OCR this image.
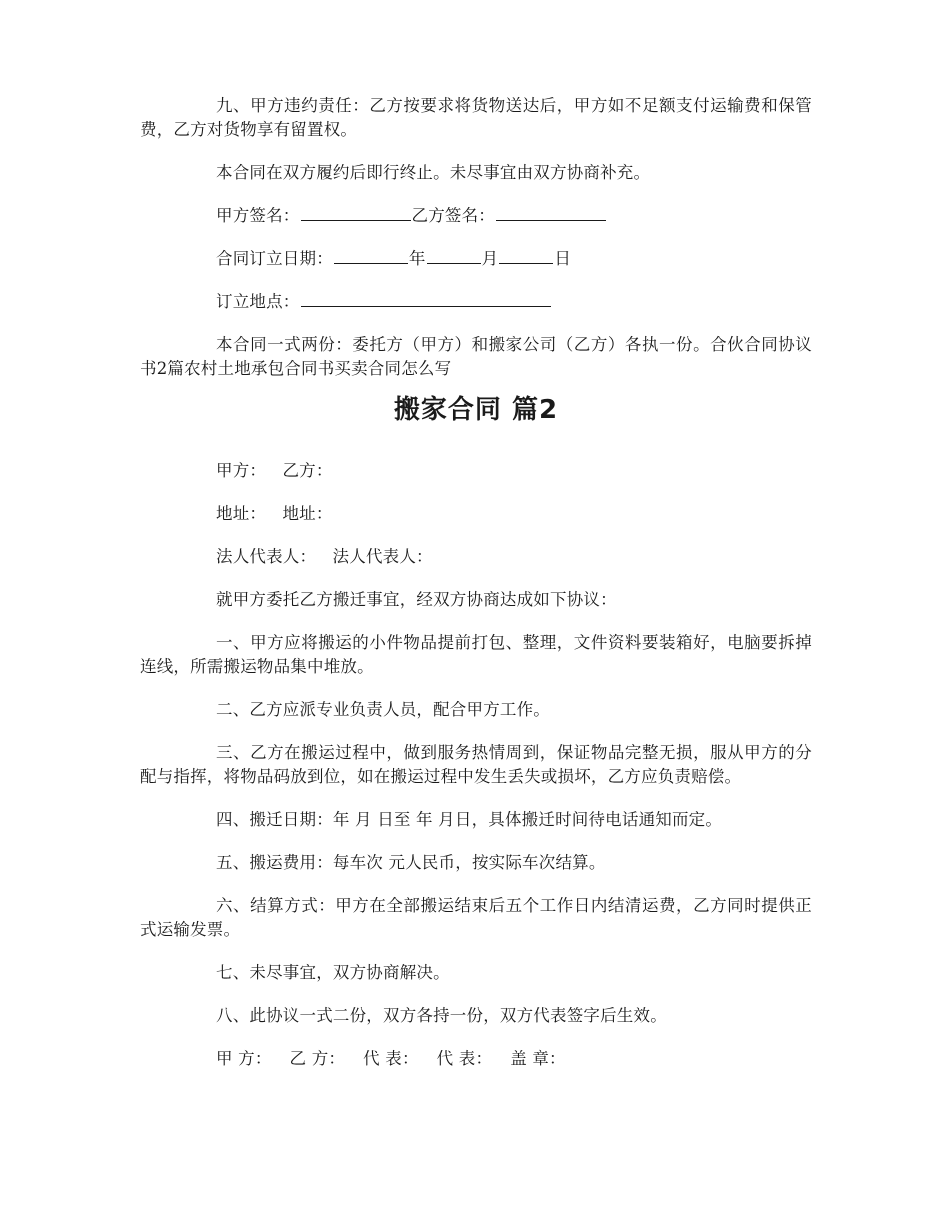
九、甲方违约责任：乙方按要求将货物送达后，甲方如不足额支付运输费和保管费，乙方对货物享有留置权。

本合同在双方履约后即行终止。未尽事宜由双方协商补充。

甲方签名：	乙方签名：

合同订立日期：	年	月	日

订立地点：

本合同一式两份：委托方（甲方）和搬家公司（乙方）各执一份。合伙合同协议书2篇农村土地承包合同书买卖合同怎么写

搬家合同 篇2

甲方： 乙方：

地址： 地址：

法人代表人： 法人代表人：

就甲方委托乙方搬迁事宜，经双方协商达成如下协议：

一、甲方应将搬运的小件物品提前打包、整理，文件资料要装箱好，电脑要拆掉连线，所需搬运物品集中堆放。

二、乙方应派专业负责人员，配合甲方工作。

三、乙方在搬运过程中，做到服务热情周到，保证物品完整无损，服从甲方的分配与指挥，将物品码放到位，如在搬运过程中发生丢失或损坏，乙方应负责赔偿。

四、搬迁日期：年 月 日至 年 月日，具体搬迁时间待电话通知而定。

五、搬运费用：每车次 元人民币，按实际车次结算。

六、结算方式：甲方在全部搬运结束后五个工作日内结清运费，乙方同时提供正式运输发票。

七、未尽事宜，双方协商解决。

八、此协议一式二份，双方各持一份，双方代表签字后生效。

甲 方： 乙 方： 代 表： 代 表： 盖 章：
